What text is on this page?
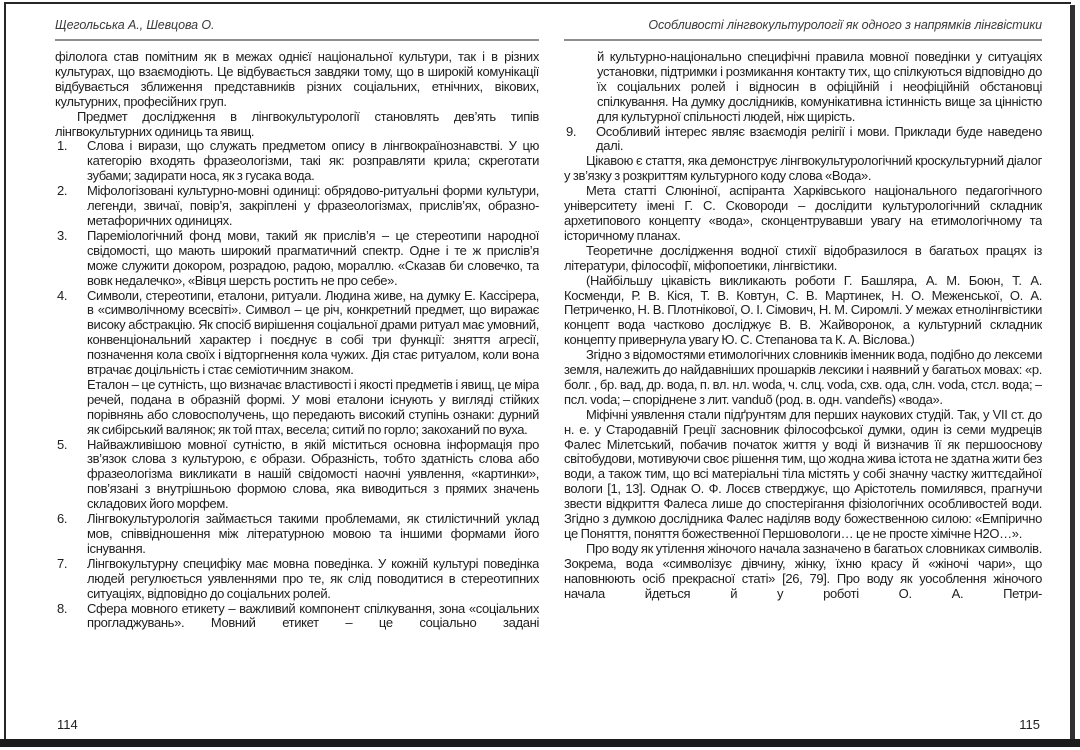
Щегольська А., Шевцова О.

філолога став помітним як в межах однієї національної культури, так і в різних культурах, що взаємодіють. Це відбувається завдяки тому, що в широкій комунікації відбувається зближення представників різних соціальних, етнічних, вікових, культурних, професійних груп.

Предмет дослідження в лінгвокультурології становлять дев’ять типів лінгвокультурних одиниць та явищ.

1.	Слова і вирази, що служать предметом опису в лінгвокраїнознавстві. У цю категорію входять фразеологізми, такі як: розправляти крила; скреготати зубами; задирати носа, як з гусака вода.

2.	Міфологізовані культурно-мовні одиниці: обрядово-ритуальні форми культури, легенди, звичаї, повір’я, закріплені у фразеологізмах, прислів’ях, образно-метафоричних одиницях.

3.	Пареміологічний фонд мови, такий як прислів’я – це стереотипи народної свідомості, що мають широкий прагматичний спектр. Одне і те ж прислів’я може служити докором, розрадою, радою, мораллю. «Сказав би словечко, та вовк недалечко», «Вівця шерсть ростить не про себе».

4.	Символи, стереотипи, еталони, ритуали. Людина живе, на думку Е. Кассірера, в «символічному всесвіті». Символ – це річ, конкретний предмет, що виражає високу абстракцію. Як спосіб вирішення соціальної драми ритуал має умовний, конвенціональний характер і поєднує в собі три функції: зняття агресії, позначення кола своїх і відторгнення кола чужих. Дія стає ритуалом, коли вона втрачає доцільність і стає семіотичним знаком.

Еталон – це сутність, що визначає властивості і якості предметів і явищ, це міра речей, подана в образній формі. У мові еталони існують у вигляді стійких порівнянь або словосполучень, що передають високий ступінь ознаки: дурний як сибірський валянок; як той птах, весела; ситий по горло; закоханий по вуха.

5.	Найважливішою мовної сутністю, в якій міститься основна інформація про зв’язок слова з культурою, є образи. Образність, тобто здатність слова або фразеологізма викликати в нашій свідомості наочні уявлення, «картинки», пов’язані з внутрішньою формою слова, яка виводиться з прямих значень складових його морфем.

6.	Лінгвокультурологія займається такими проблемами, як стилістичний уклад мов, співвідношення між літературною мовою та іншими формами його існування.

7.	Лінгвокультурну специфіку має мовна поведінка. У кожній культурі поведінка людей регулюється уявленнями про те, як слід поводитися в стереотипних ситуаціях, відповідно до соціальних ролей.

8.	Сфера мовного етикету – важливий компонент спілкування, зона «соціальних прогладжувань». Мовний етикет – це соціально задані

114
Особливості лінгвокультурології як одного з напрямків лінгвістики

й культурно-національно специфічні правила мовної поведінки у ситуаціях установки, підтримки і розмикання контакту тих, що спілкуються відповідно до їх соціальних ролей і відносин в офіційній і неофіційній обстановці спілкування. На думку дослідників, комунікативна істинність вище за цінністю для культурної спільності людей, ніж щирість.

9.	Особливий інтерес являє взаємодія релігії і мови. Приклади буде наведено далі.

Цікавою є стаття, яка демонструє лінгвокультурологічний кроскультурний діалог у зв’язку з розкриттям культурного коду слова «Вода».

Мета статті Слюніної, аспіранта Харківського національного педагогічного університету імені Г. С. Сковороди – дослідити культурологічний складник архетипового концепту «вода», сконцентрувавши увагу на етимологічному та історичному планах.

Теоретичне дослідження водної стихії відобразилося в багатьох працях із літератури, філософії, міфопоетики, лінгвістики.

(Найбільшу цікавість викликають роботи Г. Башляра, А. М. Боюн, Т. А. Косменди, Р. В. Кіся, Т. В. Ковтун, С. В. Мартинек, Н. О. Меженської, О. А. Петриченко, Н. В. Плотнікової, О. І. Сімович, Н. М. Сиромлі. У межах етнолінгвістики концепт вода частково досліджує В. В. Жайворонок, а культурний складник концепту привернула увагу Ю. С. Степанова та К. А. Віслова.)

Згідно з відомостями етимологічних словників іменник вода, подібно до лексеми земля, належить до найдавніших прошарків лексики і наявний у багатьох мовах: «р. болг. , бр. вад, др. вода, п. вл. нл. woda, ч. слц. voda, схв. ода, слн. voda, стсл. вода; – псл. voda; – споріднене з лит. vanduõ (род. в. одн. vandeñs) «вода».

Міфічні уявлення стали підґрунтям для перших наукових студій. Так, у VII ст. до н. е. у Стародавній Греції засновник філософської думки, один із семи мудреців Фалес Мілетський, побачив початок життя у воді й визначив її як першооснову світобудови, мотивуючи своє рішення тим, що жодна жива істота не здатна жити без води, а також тим, що всі матеріальні тіла містять у собі значну частку життєдайної вологи [1, 13]. Однак О. Ф. Лосєв стверджує, що Арістотель помилявся, прагнучи звести відкриття Фалеса лише до спостерігання фізіологічних особливостей води. Згідно з думкою дослідника Фалес наділяв воду божественною силою: «Емпірично це Поняття, поняття божественної Першовологи… це не просте хімічне Н2О…».

Про воду як утілення жіночого начала зазначено в багатьох словниках символів. Зокрема, вода «символізує дівчину, жінку, їхню красу й «жіночі чари», що наповнюють осіб прекрасної статі» [26, 79]. Про воду як уособлення жіночого начала йдеться й у роботі О. А. Петри-

115
